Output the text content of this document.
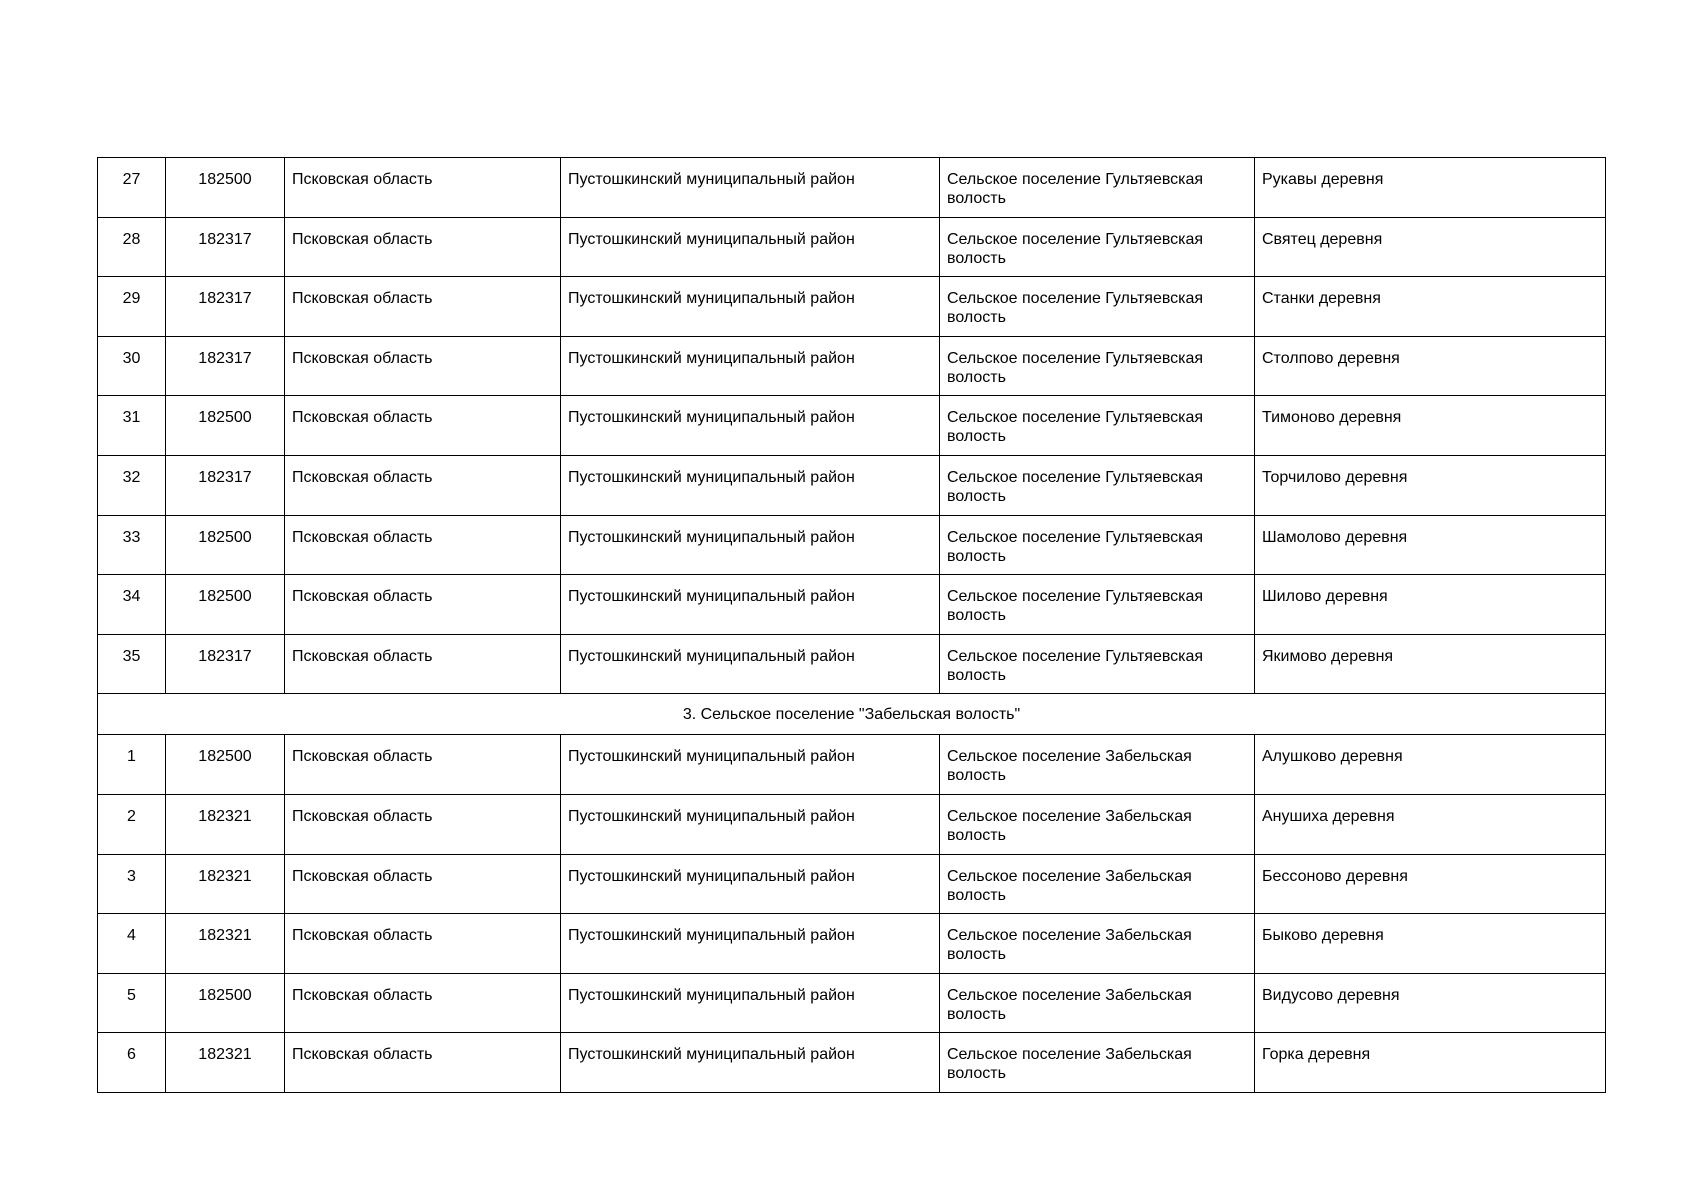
27	182500	Псковская область	Пустошкинский муниципальный район	Сельское поселение Гультяевская волость	Рукавы деревня
28	182317	Псковская область	Пустошкинский муниципальный район	Сельское поселение Гультяевская волость	Святец деревня
29	182317	Псковская область	Пустошкинский муниципальный район	Сельское поселение Гультяевская волость	Станки деревня
30	182317	Псковская область	Пустошкинский муниципальный район	Сельское поселение Гультяевская волость	Столпово деревня
31	182500	Псковская область	Пустошкинский муниципальный район	Сельское поселение Гультяевская волость	Тимоново деревня
32	182317	Псковская область	Пустошкинский муниципальный район	Сельское поселение Гультяевская волость	Торчилово деревня
33	182500	Псковская область	Пустошкинский муниципальный район	Сельское поселение Гультяевская волость	Шамолово деревня
34	182500	Псковская область	Пустошкинский муниципальный район	Сельское поселение Гультяевская волость	Шилово деревня
35	182317	Псковская область	Пустошкинский муниципальный район	Сельское поселение Гультяевская волость	Якимово деревня
3. Сельское поселение "Забельская волость"					
1	182500	Псковская область	Пустошкинский муниципальный район	Сельское поселение Забельская волость	Алушково деревня
2	182321	Псковская область	Пустошкинский муниципальный район	Сельское поселение Забельская волость	Анушиха деревня
3	182321	Псковская область	Пустошкинский муниципальный район	Сельское поселение Забельская волость	Бессоново деревня
4	182321	Псковская область	Пустошкинский муниципальный район	Сельское поселение Забельская волость	Быково деревня
5	182500	Псковская область	Пустошкинский муниципальный район	Сельское поселение Забельская волость	Видусово деревня
6	182321	Псковская область	Пустошкинский муниципальный район	Сельское поселение Забельская волость	Горка деревня
